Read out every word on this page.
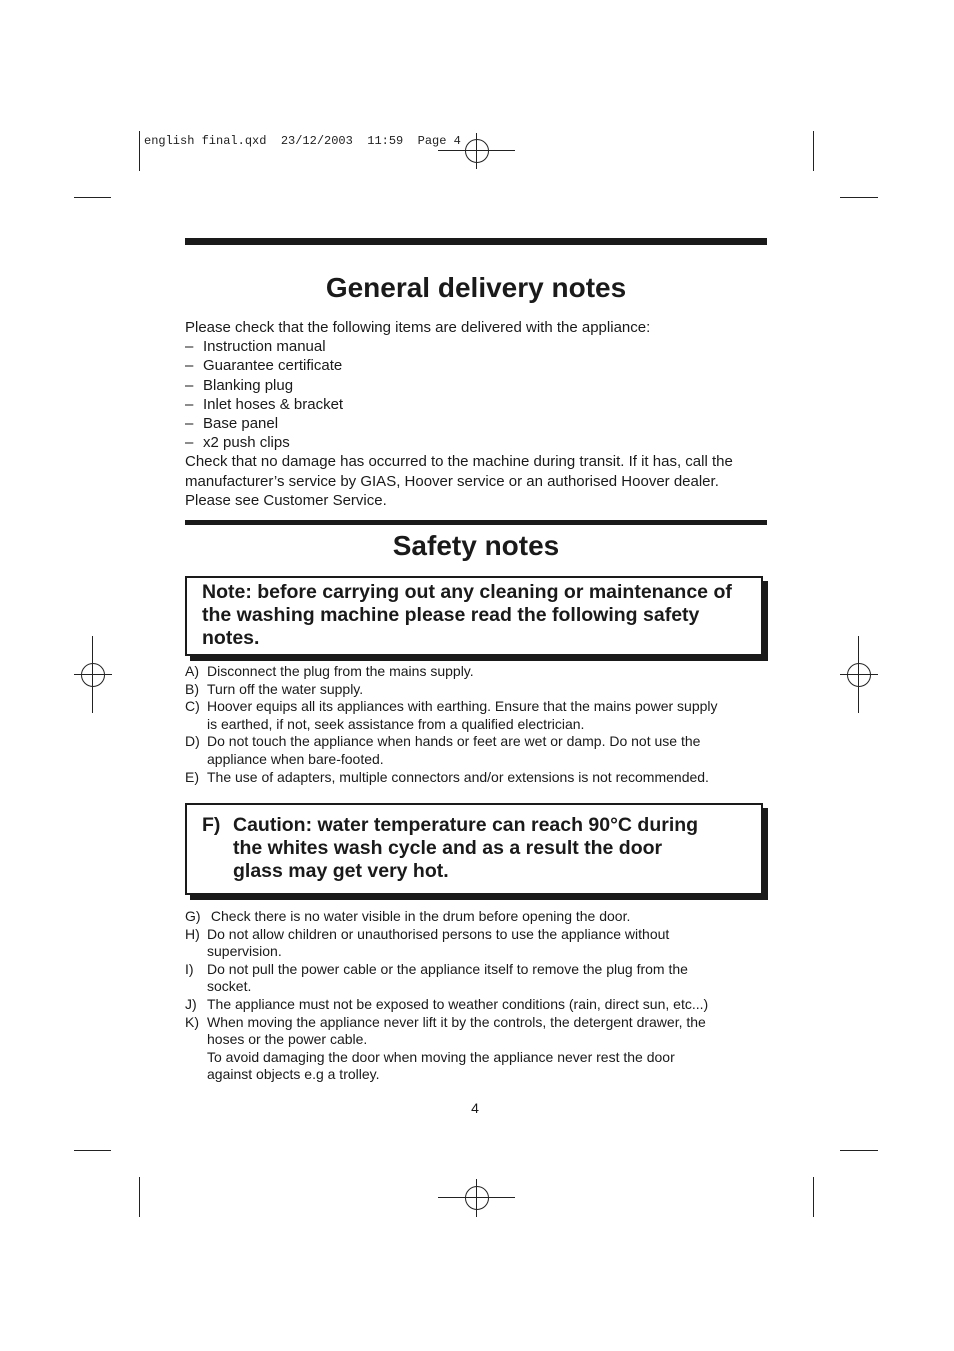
english final.qxd  23/12/2003  11:59  Page 4
General delivery notes

Please check that the following items are delivered with the appliance:

– Instruction manual
– Guarantee certificate
– Blanking plug
– Inlet hoses & bracket
– Base panel
– x2 push clips

Check that no damage has occurred to the machine during transit. If it has, call the manufacturer’s service by GIAS, Hoover service or an authorised Hoover dealer. Please see Customer Service.

Safety notes
Note: before carrying out any cleaning or maintenance of the washing machine please read the following safety notes.
A) Disconnect the plug from the mains supply.
B) Turn off the water supply.
C) Hoover equips all its appliances with earthing. Ensure that the mains power supply
is earthed, if not, seek assistance from a qualified electrician.
D) Do not touch the appliance when hands or feet are wet or damp. Do not use the
appliance when bare-footed.
E) The use of adapters, multiple connectors and/or extensions is not recommended.
F) Caution: water temperature can reach 90°C during
the whites wash cycle and as a result the door
glass may get very hot.
G) Check there is no water visible in the drum before opening the door.
H) Do not allow children or unauthorised persons to use the appliance without
supervision.
I) Do not pull the power cable or the appliance itself to remove the plug from the
socket.
J) The appliance must not be exposed to weather conditions (rain, direct sun, etc...)
K) When moving the appliance never lift it by the controls, the detergent drawer, the
hoses or the power cable.
To avoid damaging the door when moving the appliance never rest the door
against objects e.g a trolley.
4
